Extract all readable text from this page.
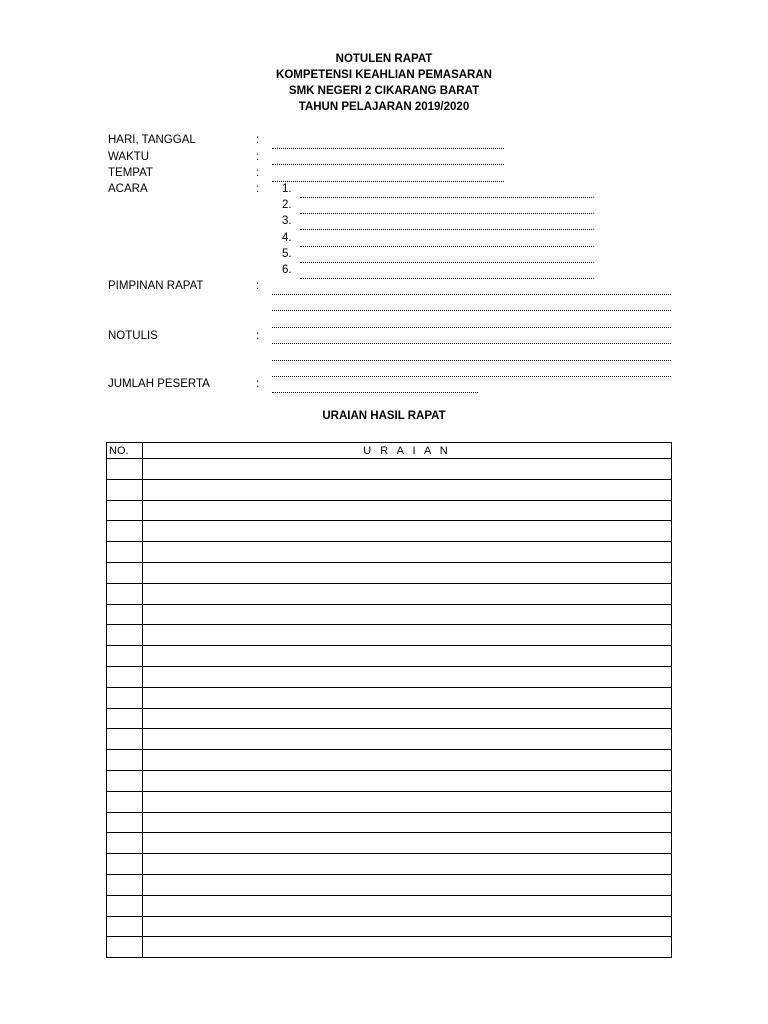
NOTULEN RAPAT
KOMPETENSI KEAHLIAN PEMASARAN
SMK NEGERI 2 CIKARANG BARAT
TAHUN PELAJARAN 2019/2020
HARI, TANGGAL	:
WAKTU	:
TEMPAT	:
ACARA	: 1.
2.
3.
4.
5.
6.
PIMPINAN RAPAT	:
NOTULIS	:
JUMLAH PESERTA	:
URAIAN HASIL RAPAT
NO.	U R A I A N
